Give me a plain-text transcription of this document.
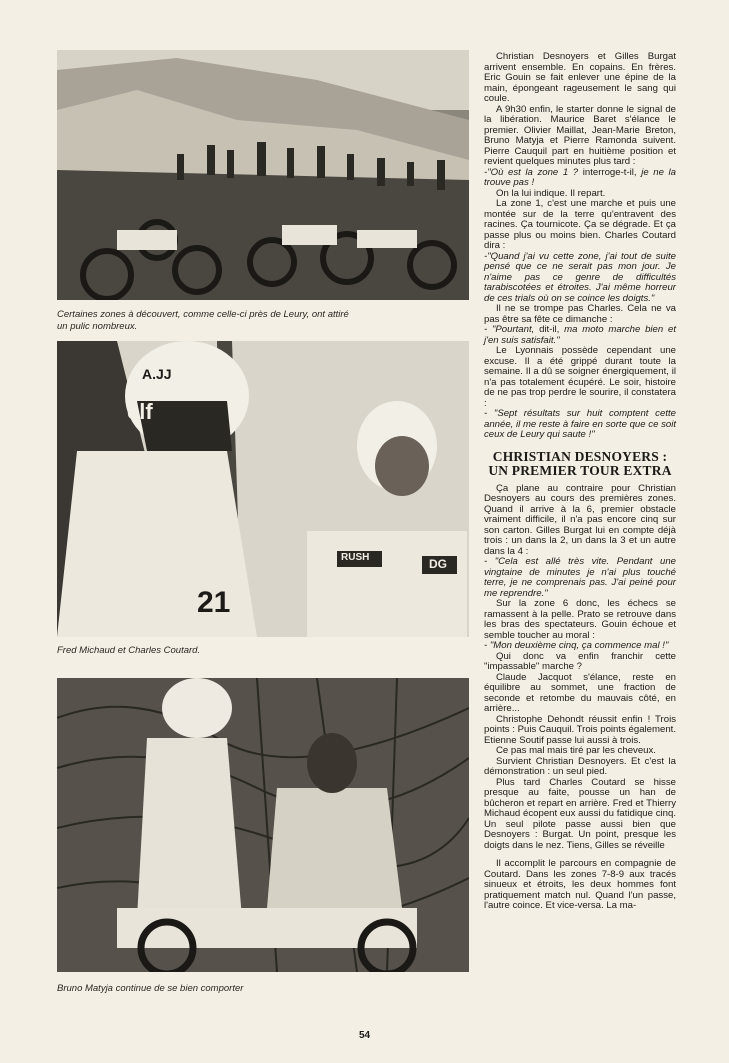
Certaines zones à découvert, comme celle-ci près de Leury, ont attiré un pulic nombreux.
A.JJ
elf
21
RUSH	DG
Fred Michaud et Charles Coutard.
Bruno Matyja continue de se bien comporter

Christian Desnoyers et Gilles Burgat arrivent ensemble. En copains. En frères. Eric Gouin se fait enlever une épine de la main, épongeant rageusement le sang qui coule.

A 9h30 enfin, le starter donne le signal de la libération. Maurice Baret s'élance le premier. Olivier Maillat, Jean-Marie Breton, Bruno Matyja et Pierre Ramonda suivent. Pierre Cauquil part en huitième position et revient quelques minutes plus tard :

-"Où est la zone 1 ? interroge-t-il, je ne la trouve pas !

On la lui indique. Il repart.

La zone 1, c'est une marche et puis une montée sur de la terre qu'entravent des racines. Ça tournicote. Ça se dégrade. Et ça passe plus ou moins bien. Charles Coutard dira :

-"Quand j'ai vu cette zone, j'ai tout de suite pensé que ce ne serait pas mon jour. Je n'aime pas ce genre de difficultés tarabiscotées et étroites. J'ai même horreur de ces trials où on se coince les doigts."

Il ne se trompe pas Charles. Cela ne va pas être sa fête ce dimanche :

- "Pourtant, dit-il, ma moto marche bien et j'en suis satisfait."

Le Lyonnais possède cependant une excuse. Il a été grippé durant toute la semaine. Il a dû se soigner énergiquement, il n'a pas totalement écupéré. Le soir, histoire de ne pas trop perdre le sourire, il constatera :

- "Sept résultats sur huit comptent cette année, il me reste à faire en sorte que ce soit ceux de Leury qui saute !"

CHRISTIAN DESNOYERS : UN PREMIER TOUR EXTRA

Ça plane au contraire pour Christian Desnoyers au cours des premières zones. Quand il arrive à la 6, premier obstacle vraiment difficile, il n'a pas encore cinq sur son carton. Gilles Burgat lui en compte déjà trois : un dans la 2, un dans la 3 et un autre dans la 4 :

- "Cela est allé très vite. Pendant une vingtaine de minutes je n'ai plus touché terre, je ne comprenais pas. J'ai peiné pour me reprendre."

Sur la zone 6 donc, les échecs se ramassent à la pelle. Prato se retrouve dans les bras des spectateurs. Gouin échoue et semble toucher au moral :

- "Mon deuxième cinq, ça commence mal !"

Qui donc va enfin franchir cette "impassable" marche ?

Claude Jacquot s'élance, reste en équilibre au sommet, une fraction de seconde et retombe du mauvais côté, en arrière...

Christophe Dehondt réussit enfin ! Trois points : Puis Cauquil. Trois points également. Etienne Soutif passe lui aussi à trois.

Ce pas mal mais tiré par les cheveux.

Survient Christian Desnoyers. Et c'est la démonstration : un seul pied.

Plus tard Charles Coutard se hisse presque au faite, pousse un han de bûcheron et repart en arrière. Fred et Thierry Michaud écopent eux aussi du fatidique cinq. Un seul pilote passe aussi bien que Desnoyers : Burgat. Un point, presque les doigts dans le nez. Tiens, Gilles se réveille

Il accomplit le parcours en compagnie de Coutard. Dans les zones 7-8-9 aux tracés sinueux et étroits, les deux hommes font pratiquement match nul. Quand l'un passe, l'autre coince. Et vice-versa. La ma-

54
